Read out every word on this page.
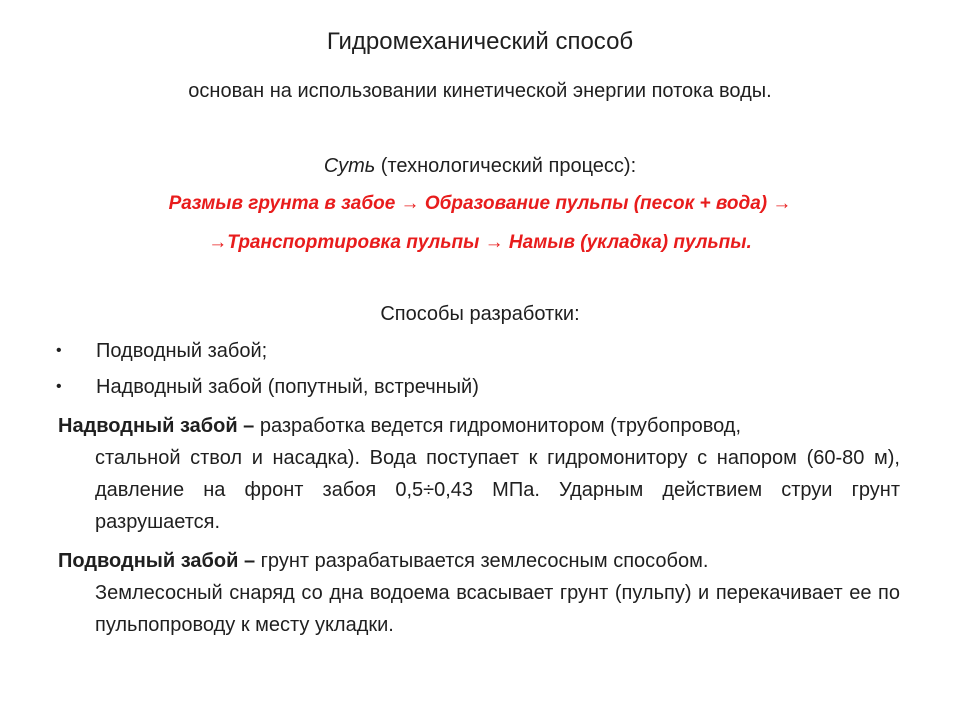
Гидромеханический способ
основан на использовании кинетической энергии потока воды.
Суть (технологический процесс):
Размыв грунта в забое → Образование пульпы (песок + вода) →
→Транспортировка пульпы → Намыв (укладка) пульпы.
Способы разработки:
• Подводный забой;
• Надводный забой (попутный, встречный)
Надводный забой – разработка ведется гидромонитором (трубопровод,
стальной ствол и насадка). Вода поступает к гидромонитору с напором (60-80 м), давление на фронт забоя 0,5÷0,43 МПа. Ударным действием струи грунт разрушается.
Подводный забой – грунт разрабатывается землесосным способом.
Землесосный снаряд со дна водоема всасывает грунт (пульпу) и перекачивает ее по пульпопроводу к месту укладки.
